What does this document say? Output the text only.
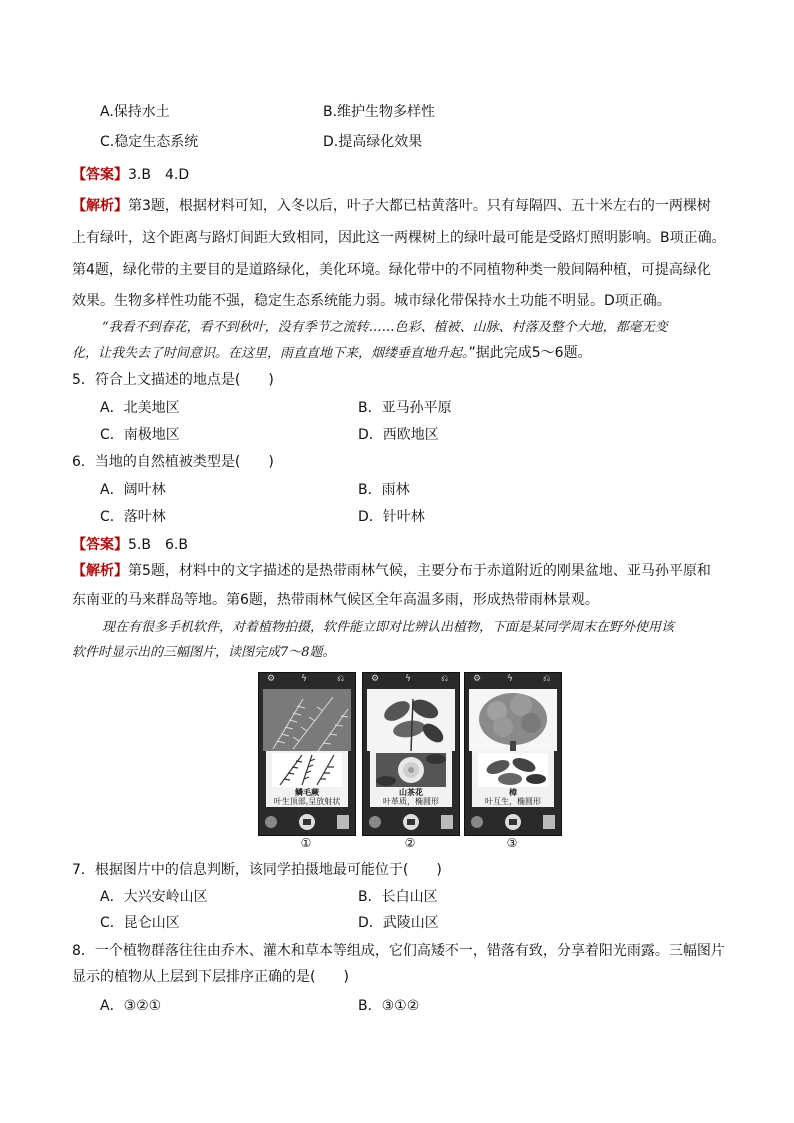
A.保持水土	B.维护生物多样性
C.稳定生态系统	D.提高绿化效果
【答案】3.B　4.D
【解析】第3题，根据材料可知，入冬以后，叶子大都已枯黄落叶。只有每隔四、五十米左右的一两棵树
上有绿叶，这个距离与路灯间距大致相同，因此这一两棵树上的绿叶最可能是受路灯照明影响。B项正确。
第4题，绿化带的主要目的是道路绿化，美化环境。绿化带中的不同植物种类一般间隔种植，可提高绿化
效果。生物多样性功能不强，稳定生态系统能力弱。城市绿化带保持水土功能不明显。D项正确。
“我看不到春花，看不到秋叶，没有季节之流转……色彩、植被、山脉、村落及整个大地，都毫无变
化，让我失去了时间意识。在这里，雨直直地下来，烟缕垂直地升起。”据此完成5～6题。
5．符合上文描述的地点是(　　)
A．北美地区	B．亚马孙平原
C．南极地区	D．西欧地区
6．当地的自然植被类型是(　　)
A．阔叶林	B．雨林
C．落叶林	D．针叶林
【答案】5.B　6.B
【解析】第5题，材料中的文字描述的是热带雨林气候，主要分布于赤道附近的刚果盆地、亚马孙平原和
东南亚的马来群岛等地。第6题，热带雨林气候区全年高温多雨，形成热带雨林景观。
现在有很多手机软件，对着植物拍摄，软件能立即对比辨认出植物，下面是某同学周末在野外使用该
软件时显示出的三幅图片，读图完成7～8题。
⚙	ϟ	⎌
鳞毛蕨
叶生顶部,呈放射状
①
⚙	ϟ	⎌
山茶花
叶革质，椭圆形
②
⚙	ϟ	⎌
樟
叶互生，椭圆形
③
7．根据图片中的信息判断，该同学拍摄地最可能位于(　　)
A．大兴安岭山区	B．长白山区
C．昆仑山区	D．武陵山区
8．一个植物群落往往由乔木、灌木和草本等组成，它们高矮不一，错落有致，分享着阳光雨露。三幅图片
显示的植物从上层到下层排序正确的是(　　)
A．③②①	B．③①②
